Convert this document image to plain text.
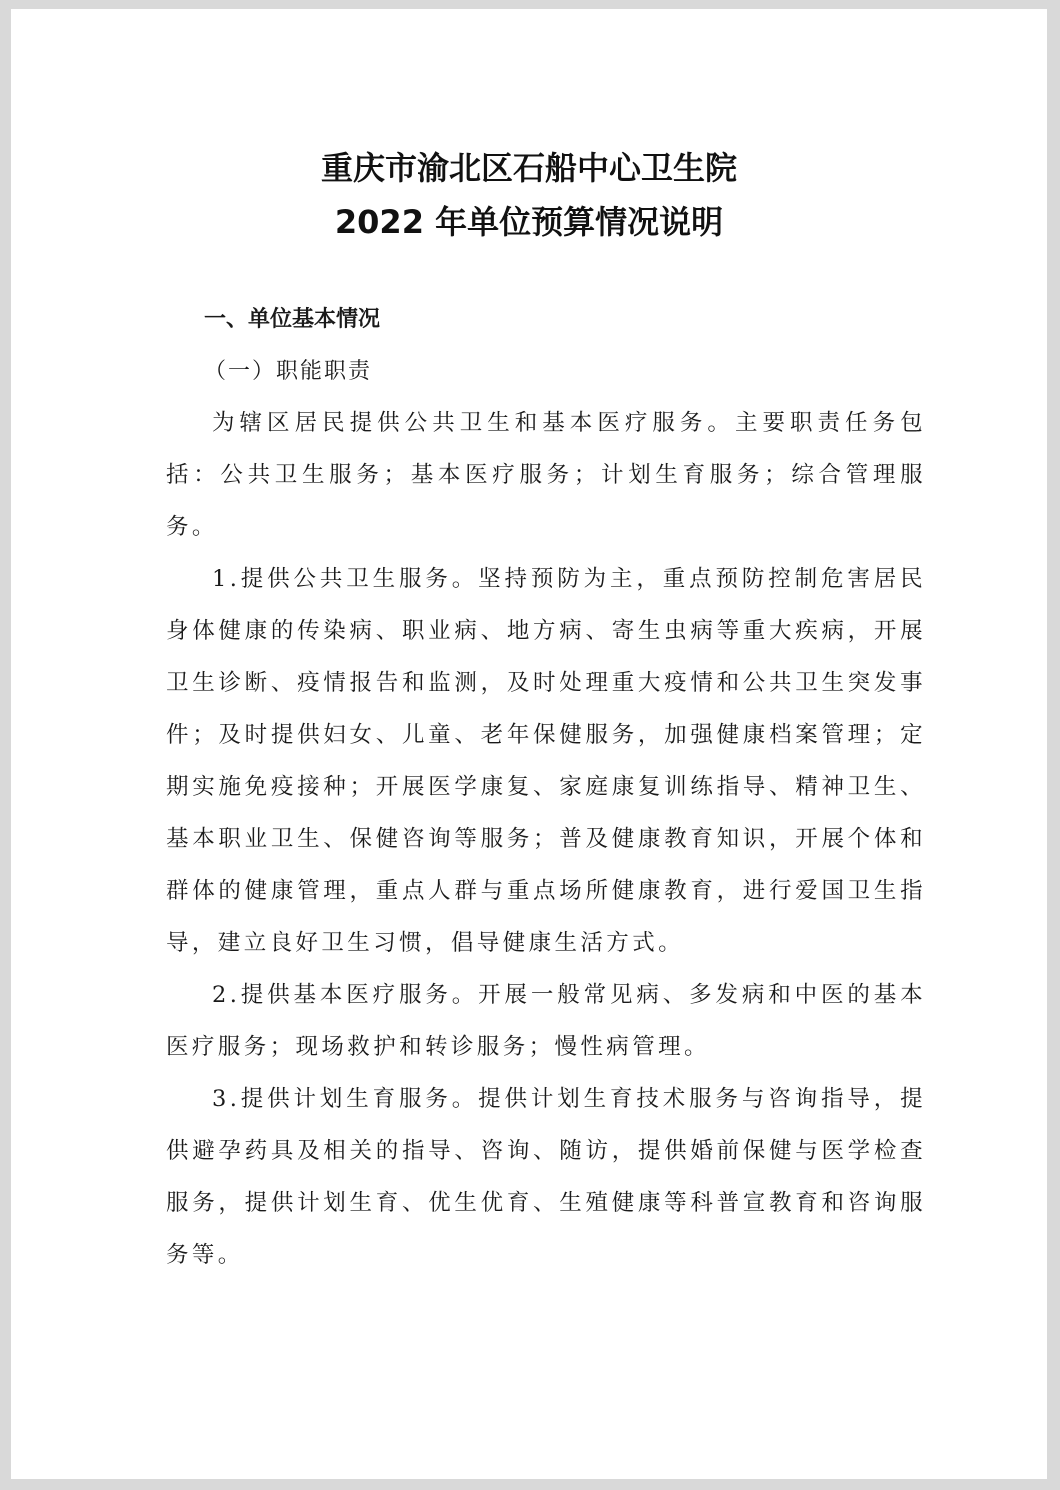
重庆市渝北区石船中心卫生院
2022 年单位预算情况说明
一、单位基本情况
（一）职能职责

为辖区居民提供公共卫生和基本医疗服务。主要职责任务包括：公共卫生服务；基本医疗服务；计划生育服务；综合管理服务。

1.提供公共卫生服务。坚持预防为主，重点预防控制危害居民身体健康的传染病、职业病、地方病、寄生虫病等重大疾病，开展卫生诊断、疫情报告和监测，及时处理重大疫情和公共卫生突发事件；及时提供妇女、儿童、老年保健服务，加强健康档案管理；定期实施免疫接种；开展医学康复、家庭康复训练指导、精神卫生、基本职业卫生、保健咨询等服务；普及健康教育知识，开展个体和群体的健康管理，重点人群与重点场所健康教育，进行爱国卫生指导，建立良好卫生习惯，倡导健康生活方式。

2.提供基本医疗服务。开展一般常见病、多发病和中医的基本医疗服务；现场救护和转诊服务；慢性病管理。

3.提供计划生育服务。提供计划生育技术服务与咨询指导，提供避孕药具及相关的指导、咨询、随访，提供婚前保健与医学检查服务，提供计划生育、优生优育、生殖健康等科普宣教育和咨询服务等。
